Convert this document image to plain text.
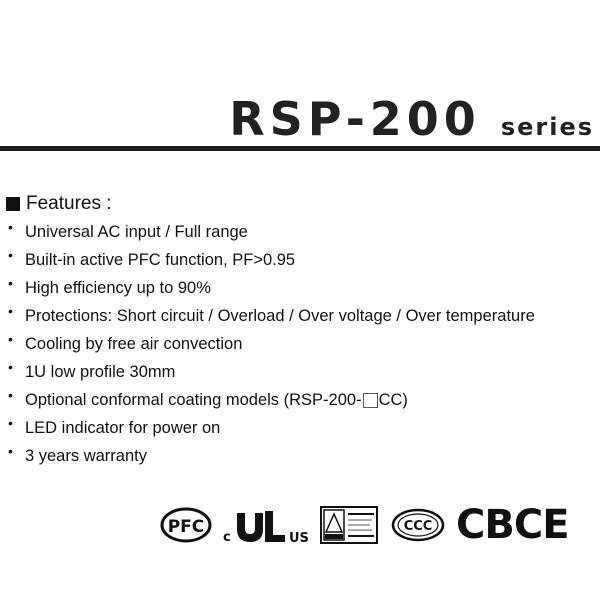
RSP-200 series
Features :
• Universal AC input / Full range
• Built-in active PFC function, PF>0.95
• High efficiency up to 90%
• Protections: Short circuit / Overload / Over voltage / Over temperature
• Cooling by free air convection
• 1U low profile 30mm
• Optional conformal coating models (RSP-200- CC)
• LED indicator for power on
• 3 years warranty
PFC
c	US
CCC CBCE
